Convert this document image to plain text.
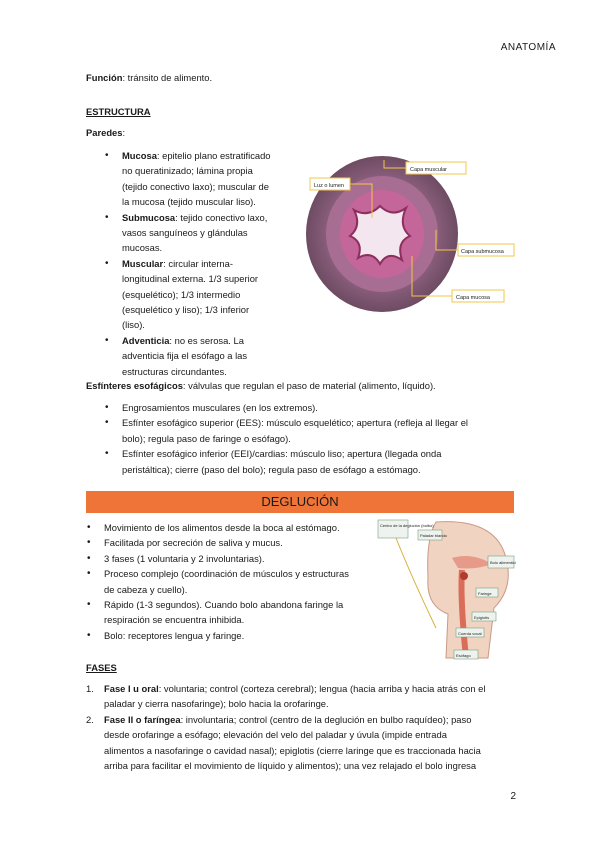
ANATOMÍA
Función: tránsito de alimento.
ESTRUCTURA
Paredes:
• Mucosa: epitelio plano estratificado
no queratinizado; lámina propia
(tejido conectivo laxo); muscular de
la mucosa (tejido muscular liso).
• Submucosa: tejido conectivo laxo,
vasos sanguíneos y glándulas
mucosas.
• Muscular: circular interna-
longitudinal externa. 1/3 superior
(esquelético); 1/3 intermedio
(esquelético y liso); 1/3 inferior
(liso).
• Adventicia: no es serosa. La
adventicia fija el esófago a las
estructuras circundantes.
Capa muscular
Luz o lumen
Capa submucosa
Capa mucosa
Esfínteres esofágicos: válvulas que regulan el paso de material (alimento, líquido).
• Engrosamientos musculares (en los extremos).
• Esfínter esofágico superior (EES): músculo esquelético; apertura (refleja al llegar el
bolo); regula paso de faringe o esófago).
• Esfínter esofágico inferior (EEI)/cardias: músculo liso; apertura (llegada onda
peristáltica); cierre (paso del bolo); regula paso de esófago a estómago.
DEGLUCIÓN
• Movimiento de los alimentos desde la boca al estómago.
• Facilitada por secreción de saliva y mucus.
• 3 fases (1 voluntaria y 2 involuntarias).
• Proceso complejo (coordinación de músculos y estructuras
de cabeza y cuello).
• Rápido (1-3 segundos). Cuando bolo abandona faringe la
respiración se encuentra inhibida.
• Bolo: receptores lengua y faringe.
Centro de la deglución (bulbo)
Paladar blando
Bolo alimenticio
Faringe
Epiglotis
Cuerda vocal
Esófago
FASES
1. Fase I u oral: voluntaria; control (corteza cerebral); lengua (hacia arriba y hacia atrás con el
paladar y cierra nasofaringe); bolo hacia la orofaringe.
2. Fase II o faríngea: involuntaria; control (centro de la deglución en bulbo raquídeo); paso
desde orofaringe a esófago; elevación del velo del paladar y úvula (impide entrada
alimentos a nasofaringe o cavidad nasal); epiglotis (cierre laringe que es traccionada hacia
arriba para facilitar el movimiento de líquido y alimentos); una vez relajado el bolo ingresa
2
